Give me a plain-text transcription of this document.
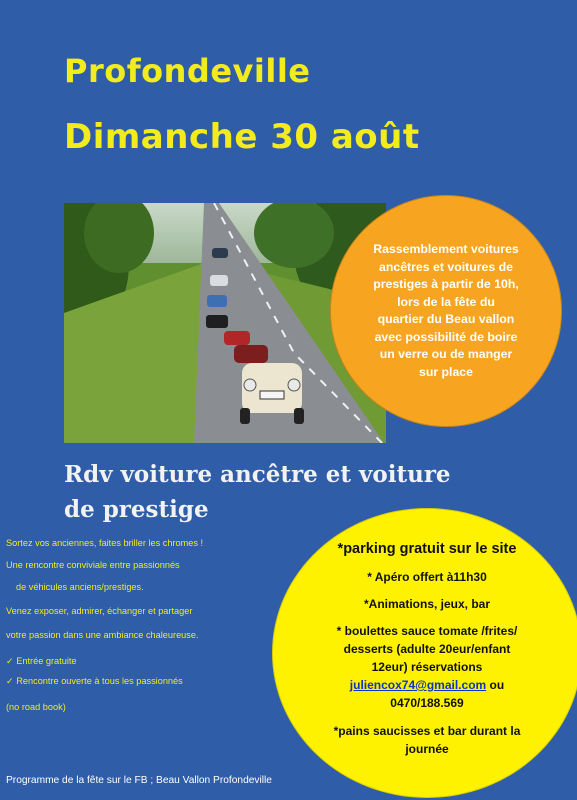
Profondeville
Dimanche 30 août
Rassemblement voitures
ancêtres et voitures de
prestiges à partir de 10h,
lors de la fête du
quartier du Beau vallon
avec possibilité de boire
un verre ou de manger
sur place
Rdv voiture ancêtre et voiture
de prestige
Sortez vos anciennes, faites briller les chromes !
Une rencontre conviviale entre passionnés
de véhicules anciens/prestiges.
Venez exposer, admirer, échanger et partager
votre passion dans une ambiance chaleureuse.
✓ Entrée gratuite
✓ Rencontre ouverte à tous les passionnés
(no road book)
*parking gratuit sur le site
* Apéro offert à11h30
*Animations, jeux, bar
* boulettes sauce tomate /frites/
desserts (adulte 20eur/enfant
12eur) réservations
juliencox74@gmail.com ou
0470/188.569
*pains saucisses et bar durant la
journée
Programme de la fête sur le FB ; Beau Vallon Profondeville
